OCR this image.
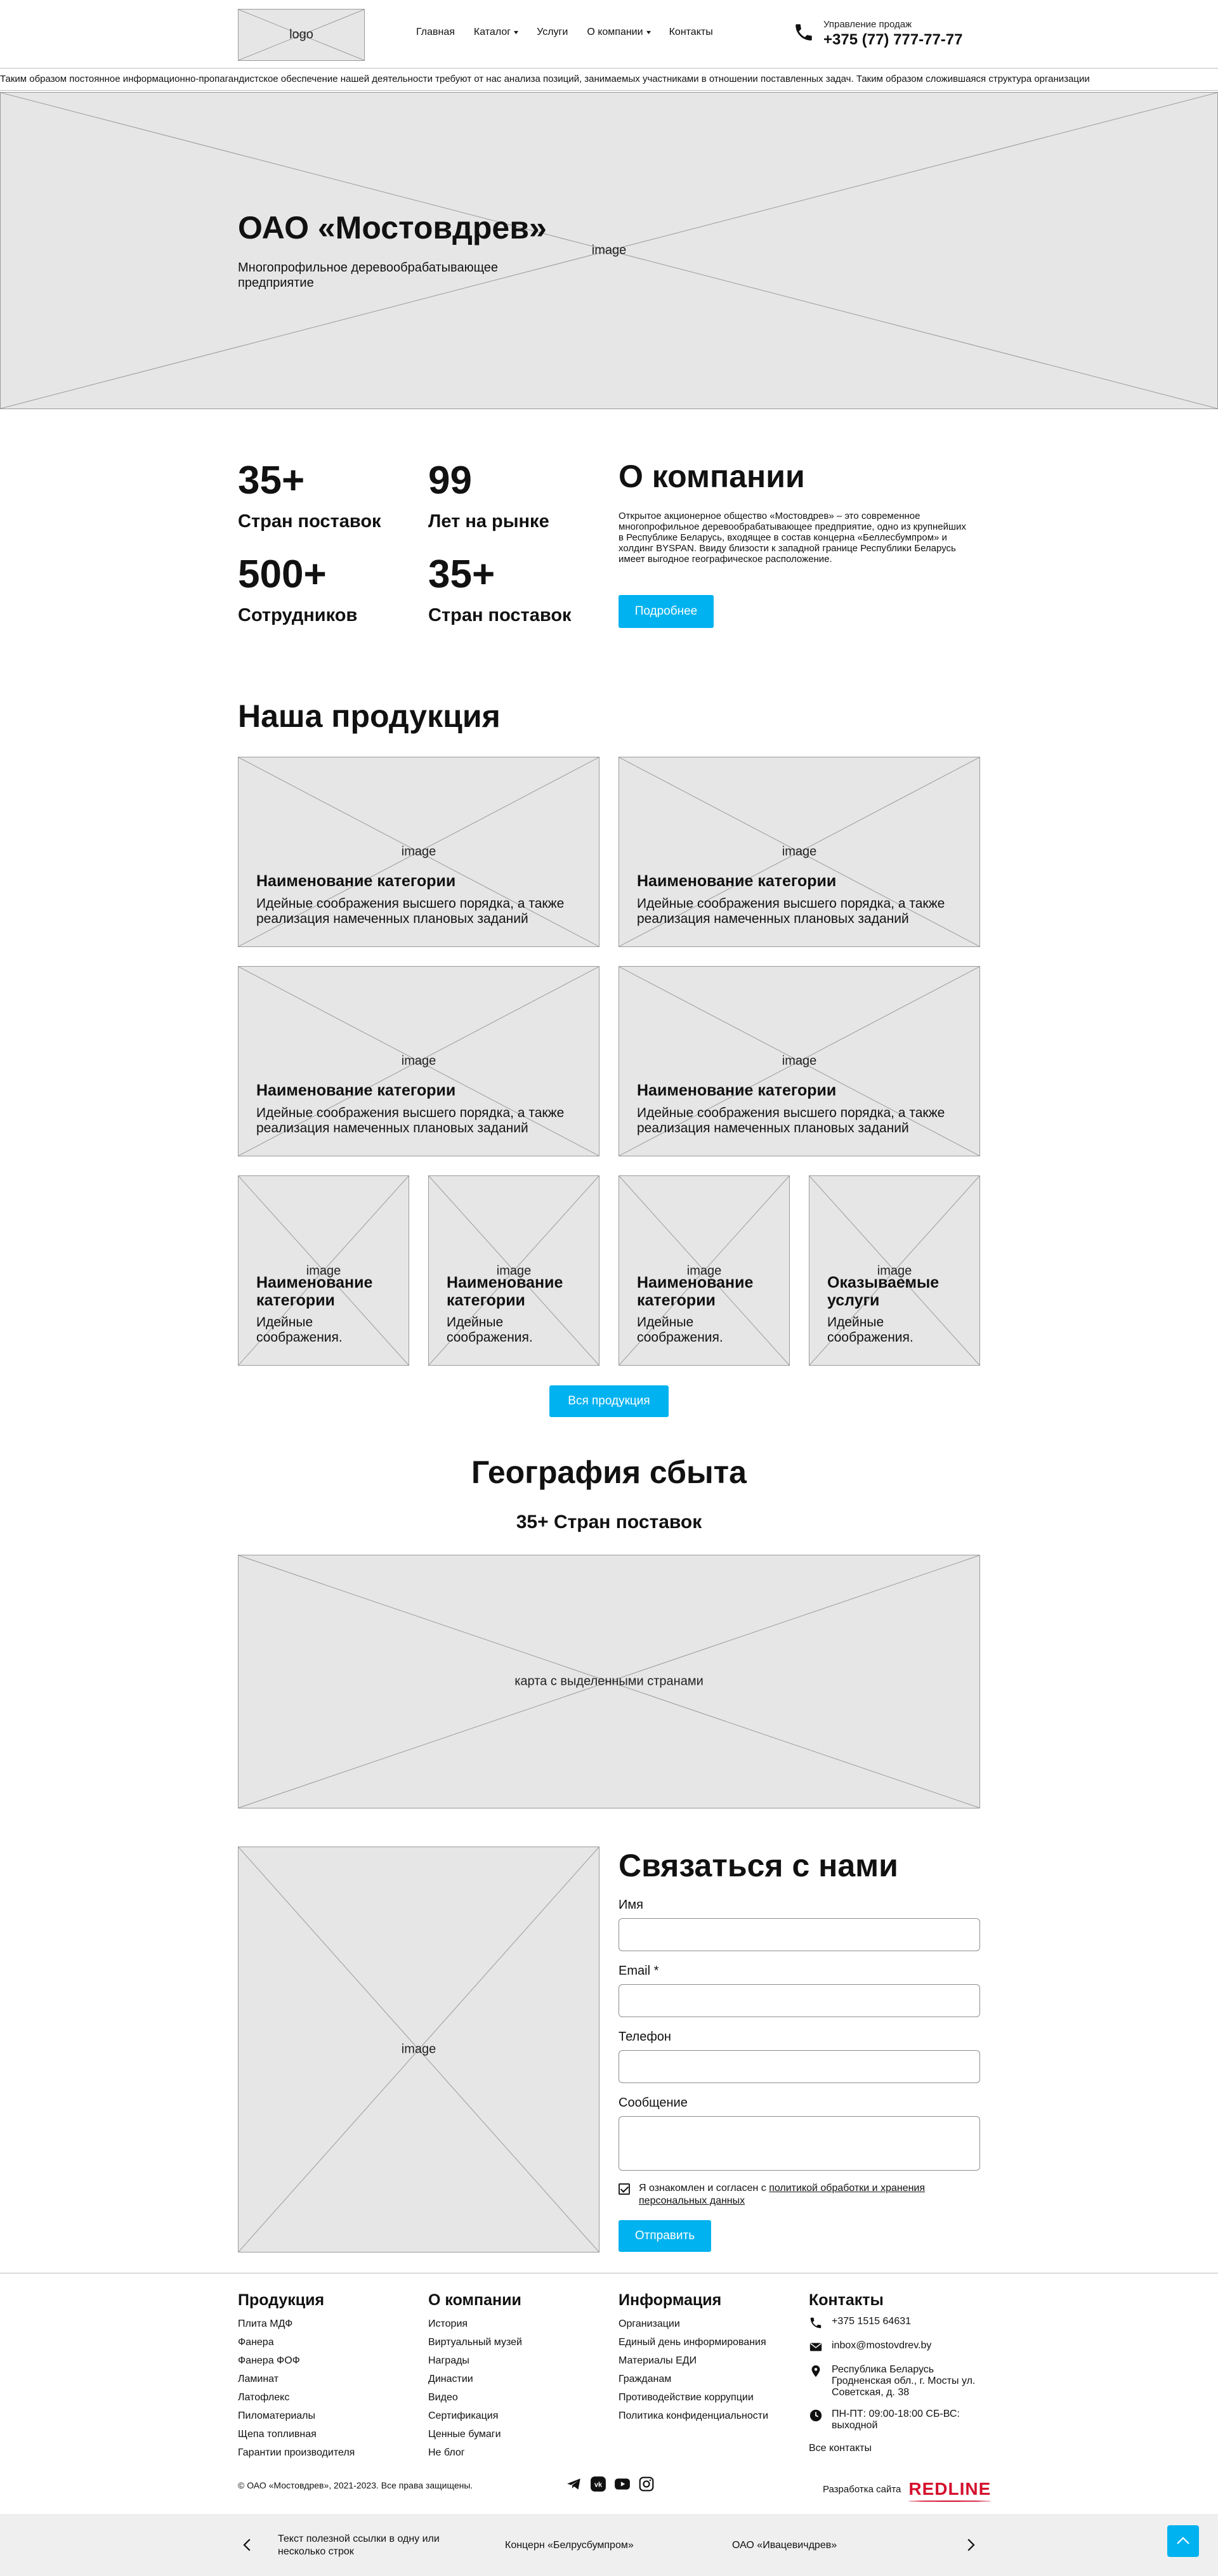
logo	Главная Каталог ▾ Услуги О компании ▾ Контакты
Управление продаж
+375 (77) 777-77-77
Таким образом постоянное информационно-пропагандистское обеспечение нашей деятельности требуют от нас анализа позиций, занимаемых участниками в отношении поставленных задач. Таким образом сложившаяся структура организации
image
ОАО «Мостовдрев»
Многопрофильное деревообрабатывающее предприятие
35+
Стран поставок
99
Лет на рынке
500+
Сотрудников
35+
Стран поставок
О компании
Открытое акционерное общество «Мостовдрев» – это современное многопрофильное деревообрабатывающее предприятие, одно из крупнейших в Республике Беларусь, входящее в состав концерна «Беллесбумпром» и холдинг BYSPAN. Ввиду близости к западной границе Республики Беларусь имеет выгодное географическое расположение.
Подробнее
Наша продукция
image
Наименование категории
Идейные соображения высшего порядка, а также реализация намеченных плановых заданий
image
Наименование категории
Идейные соображения высшего порядка, а также реализация намеченных плановых заданий
image
Наименование категории
Идейные соображения высшего порядка, а также реализация намеченных плановых заданий
image
Наименование категории
Идейные соображения высшего порядка, а также реализация намеченных плановых заданий
image
Наименование категории
Идейные соображения.
image
Наименование категории
Идейные соображения.
image
Наименование категории
Идейные соображения.
image
Оказываемые услуги
Идейные соображения.
Вся продукция
География сбыта
35+ Стран поставок
карта с выделенными странами
image
Связаться с нами
Имя
Email *
Телефон
Сообщение
Я ознакомлен и согласен с политикой обработки и хранения персональных данных
Отправить
Продукция
Плита МДФ
Фанера
Фанера ФОФ
Ламинат
Латофлекс
Пиломатериалы
Щепа топливная
Гарантии производителя
О компании
История
Виртуальный музей
Награды
Династии
Видео
Сертификация
Ценные бумаги
Не блог
Информация
Организации
Единый день информирования
Материалы ЕДИ
Гражданам
Противодействие коррупции
Политика конфиденциальности
Контакты
+375 1515 64631
inbox@mostovdrev.by
Республика Беларусь Гродненская обл., г. Мосты ул. Советская, д. 38
ПН-ПТ: 09:00-18:00 СБ-ВС: выходной
Все контакты
© ОАО «Мостовдрев», 2021-2023. Все права защищены.	vk	Разработка сайта REDLINE
Текст полезной ссылки в одну или несколько строк
Концерн «Белрусбумпром»	ОАО «Ивацевичдрев»
